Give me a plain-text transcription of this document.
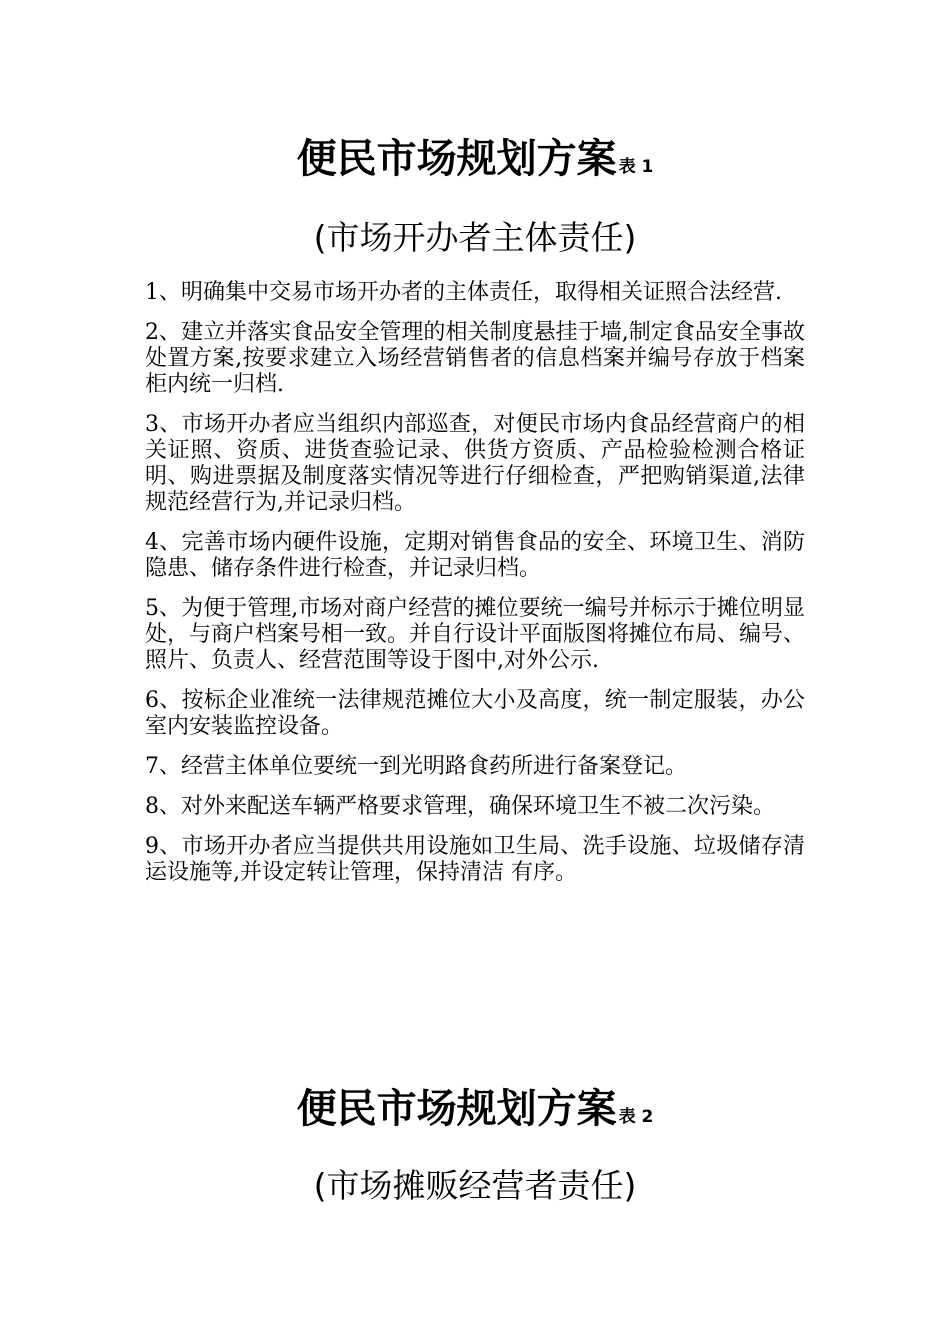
便民市场规划方案 表 1
(市场开办者主体责任)
1、明确集中交易市场开办者的主体责任，取得相关证照合法经营.
2、建立并落实食品安全管理的相关制度悬挂于墙,制定食品安全事故处置方案,按要求建立入场经营销售者的信息档案并编号存放于档案柜内统一归档.
3、市场开办者应当组织内部巡查，对便民市场内食品经营商户的相关证照、资质、进货查验记录、供货方资质、产品检验检测合格证明、购进票据及制度落实情况等进行仔细检查，严把购销渠道,法律规范经营行为,并记录归档。
4、完善市场内硬件设施，定期对销售食品的安全、环境卫生、消防隐患、储存条件进行检查，并记录归档。
5、为便于管理,市场对商户经营的摊位要统一编号并标示于摊位明显处，与商户档案号相一致。并自行设计平面版图将摊位布局、编号、照片、负责人、经营范围等设于图中,对外公示.
6、按标企业准统一法律规范摊位大小及高度，统一制定服装，办公室内安装监控设备。
7、经营主体单位要统一到光明路食药所进行备案登记。
8、对外来配送车辆严格要求管理，确保环境卫生不被二次污染。
9、市场开办者应当提供共用设施如卫生局、洗手设施、垃圾储存清运设施等,并设定转让管理，保持清洁 有序。
便民市场规划方案 表 2
(市场摊贩经营者责任)
